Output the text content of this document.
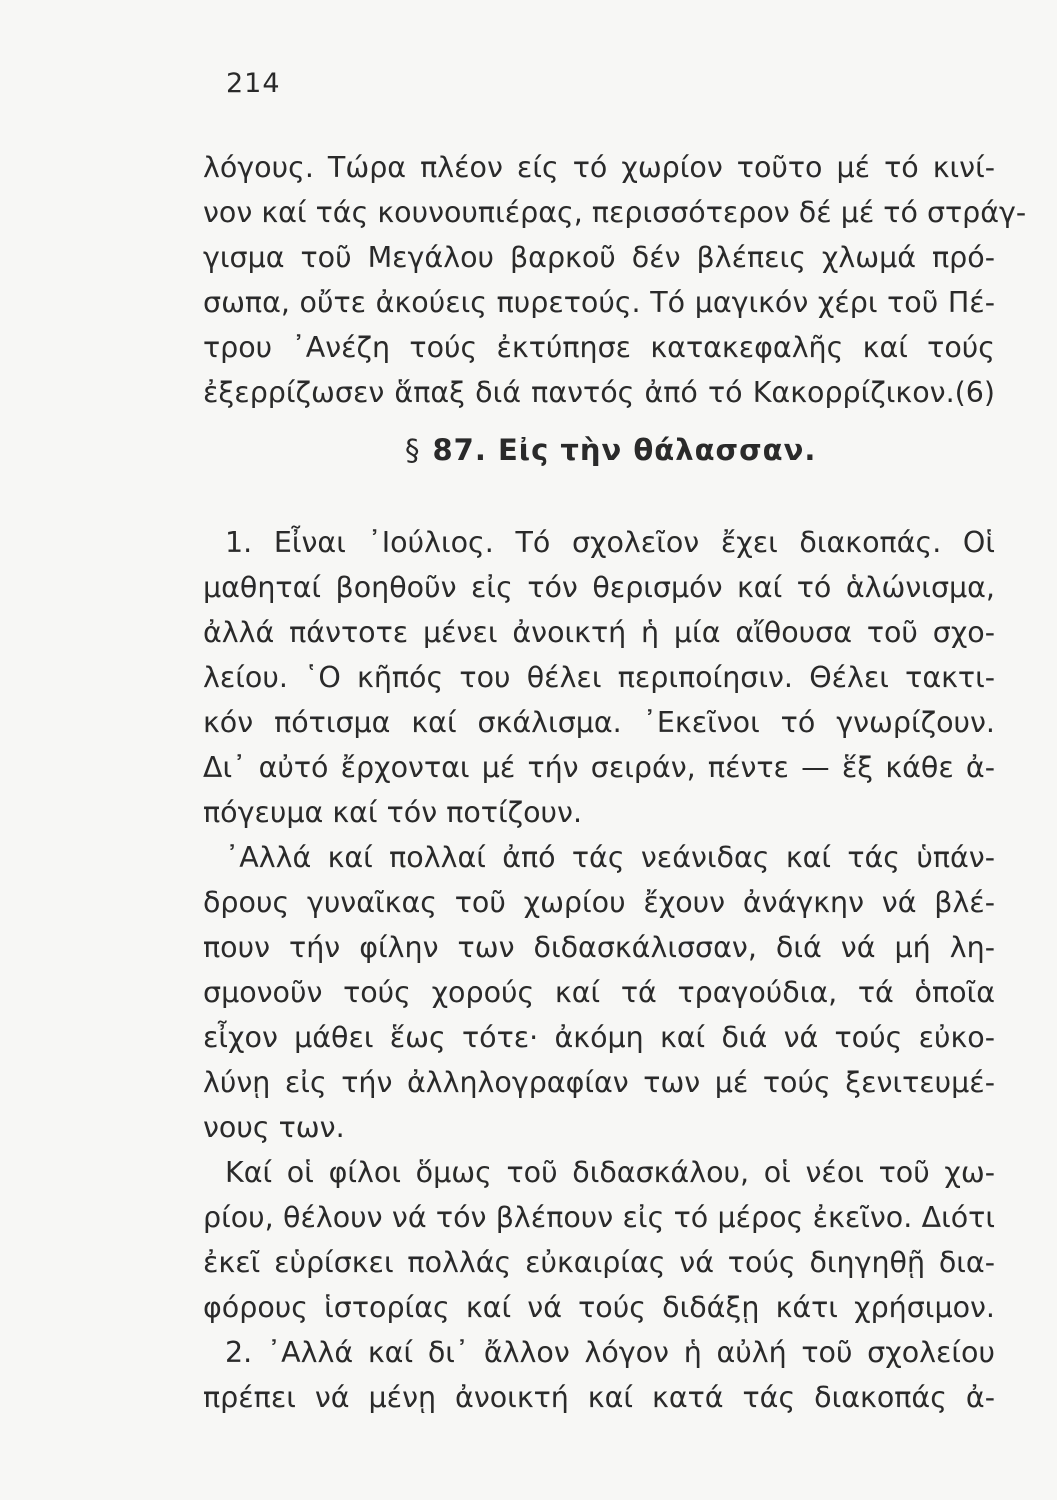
214
λόγους. Τώρα πλέον είς τό χωρίον τοῦτο μέ τό κινί-
νον καί τάς κουνουπιέρας, περισσότερον δέ μέ τό στράγ-
γισμα τοῦ Μεγάλου βαρκοῦ δέν βλέπεις χλωμά πρό-
σωπα, οὔτε ἀκούεις πυρετούς. Τό μαγικόν χέρι τοῦ Πέ-
τρου ᾿Ανέζη τούς ἐκτύπησε κατακεφαλῆς καί τούς
ἐξερρίζωσεν ἅπαξ διά παντός ἀπό τό Κακορρίζικον.(6)
§ 87. Εἰς τὴν θάλασσαν.
1. Εἶναι ᾿Ιούλιος. Τό σχολεῖον ἔχει διακοπάς. Οἱ
μαθηταί βοηθοῦν εἰς τόν θερισμόν καί τό ἁλώνισμα,
ἀλλά πάντοτε μένει ἀνοικτή ἡ μία αἴθουσα τοῦ σχο-
λείου. ῾Ο κῆπός του θέλει περιποίησιν. Θέλει τακτι-
κόν πότισμα καί σκάλισμα. ᾿Εκεῖνοι τό γνωρίζουν.
Δι᾿ αὐτό ἔρχονται μέ τήν σειράν, πέντε — ἕξ κάθε ἀ-
πόγευμα καί τόν ποτίζουν.
᾿Αλλά καί πολλαί ἀπό τάς νεάνιδας καί τάς ὑπάν-
δρους γυναῖκας τοῦ χωρίου ἔχουν ἀνάγκην νά βλέ-
πουν τήν φίλην των διδασκάλισσαν, διά νά μή λη-
σμονοῦν τούς χορούς καί τά τραγούδια, τά ὁποῖα
εἶχον μάθει ἕως τότε· ἀκόμη καί διά νά τούς εὐκο-
λύνῃ εἰς τήν ἀλληλογραφίαν των μέ τούς ξενιτευμέ-
νους των.
Καί οἱ φίλοι ὅμως τοῦ διδασκάλου, οἱ νέοι τοῦ χω-
ρίου, θέλουν νά τόν βλέπουν εἰς τό μέρος ἐκεῖνο. Διότι
ἐκεῖ εὑρίσκει πολλάς εὐκαιρίας νά τούς διηγηθῇ δια-
φόρους ἱστορίας καί νά τούς διδάξῃ κάτι χρήσιμον.
2. ᾿Αλλά καί δι᾿ ἄλλον λόγον ἡ αὐλή τοῦ σχολείου
πρέπει νά μένῃ ἀνοικτή καί κατά τάς διακοπάς ἀ-
